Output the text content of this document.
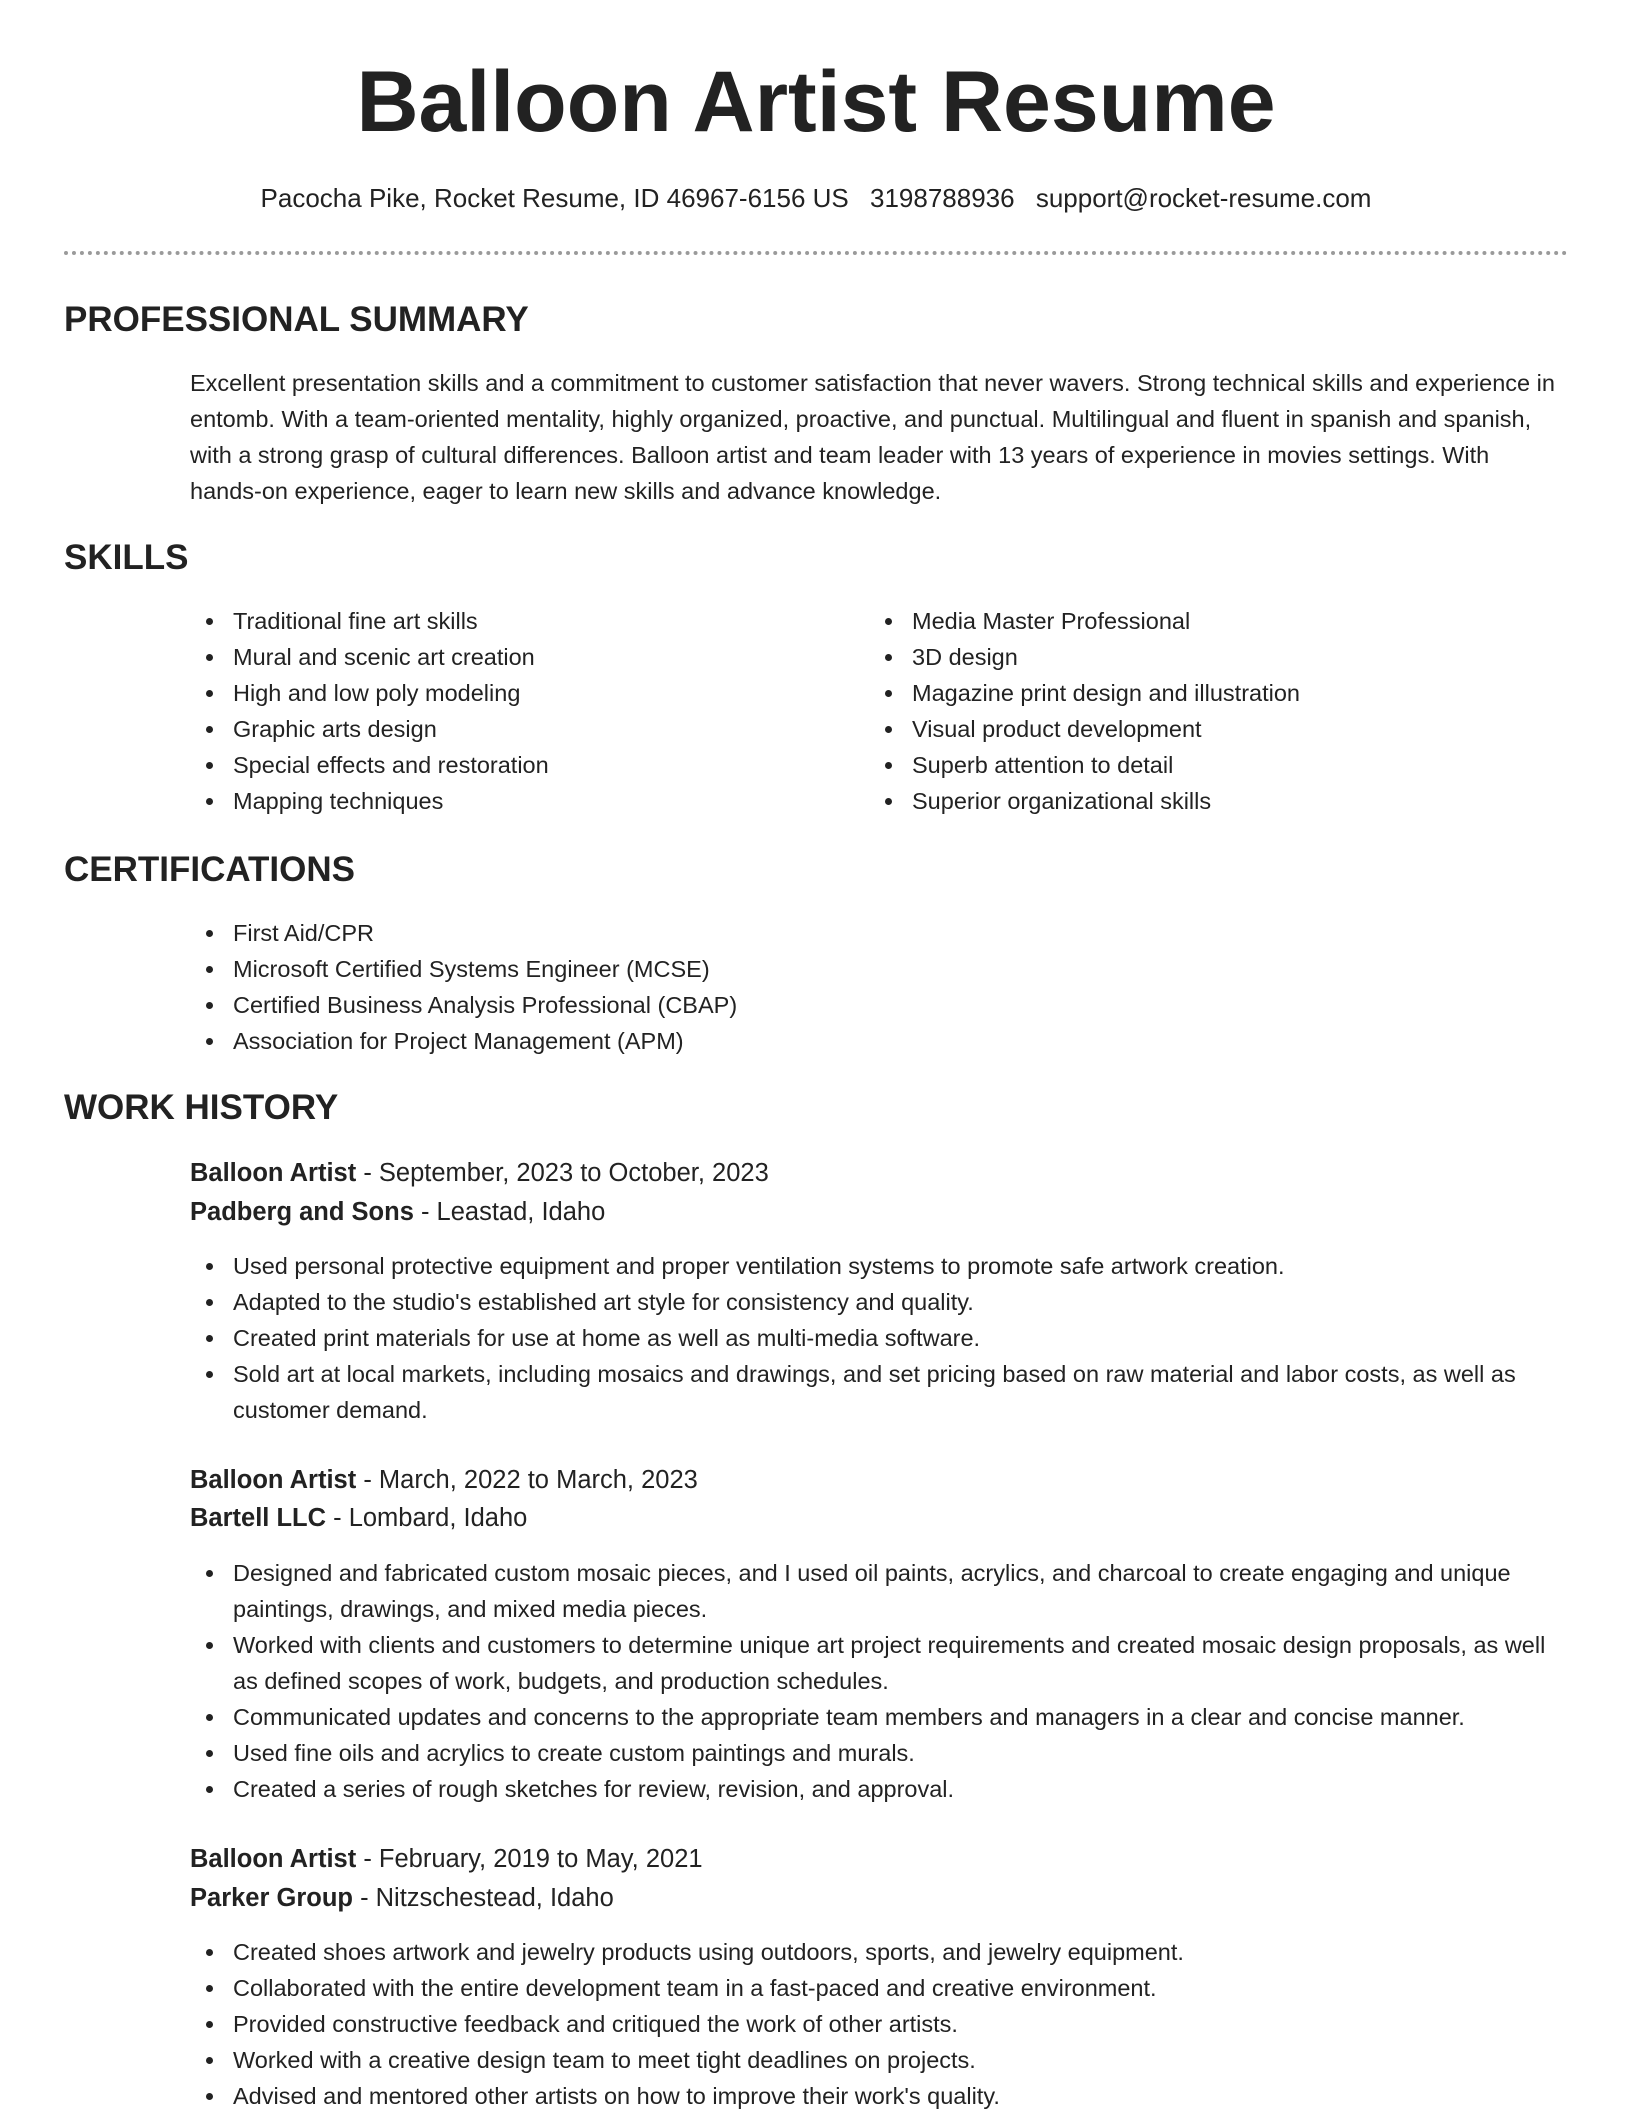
Balloon Artist Resume
Pacocha Pike, Rocket Resume, ID 46967-6156 US 3198788936 support@rocket-resume.com
PROFESSIONAL SUMMARY

Excellent presentation skills and a commitment to customer satisfaction that never wavers. Strong technical skills and experience in entomb. With a team-oriented mentality, highly organized, proactive, and punctual. Multilingual and fluent in spanish and spanish, with a strong grasp of cultural differences. Balloon artist and team leader with 13 years of experience in movies settings. With hands-on experience, eager to learn new skills and advance knowledge.

SKILLS
Traditional fine art skills
Mural and scenic art creation
High and low poly modeling
Graphic arts design
Special effects and restoration
Mapping techniques
Media Master Professional
3D design
Magazine print design and illustration
Visual product development
Superb attention to detail
Superior organizational skills
CERTIFICATIONS
First Aid/CPR
Microsoft Certified Systems Engineer (MCSE)
Certified Business Analysis Professional (CBAP)
Association for Project Management (APM)
WORK HISTORY
Balloon Artist - September, 2023 to October, 2023
Padberg and Sons - Leastad, Idaho
Used personal protective equipment and proper ventilation systems to promote safe artwork creation.
Adapted to the studio's established art style for consistency and quality.
Created print materials for use at home as well as multi-media software.
Sold art at local markets, including mosaics and drawings, and set pricing based on raw material and labor costs, as well as customer demand.
Balloon Artist - March, 2022 to March, 2023
Bartell LLC - Lombard, Idaho
Designed and fabricated custom mosaic pieces, and I used oil paints, acrylics, and charcoal to create engaging and unique paintings, drawings, and mixed media pieces.
Worked with clients and customers to determine unique art project requirements and created mosaic design proposals, as well as defined scopes of work, budgets, and production schedules.
Communicated updates and concerns to the appropriate team members and managers in a clear and concise manner.
Used fine oils and acrylics to create custom paintings and murals.
Created a series of rough sketches for review, revision, and approval.
Balloon Artist - February, 2019 to May, 2021
Parker Group - Nitzschestead, Idaho
Created shoes artwork and jewelry products using outdoors, sports, and jewelry equipment.
Collaborated with the entire development team in a fast-paced and creative environment.
Provided constructive feedback and critiqued the work of other artists.
Worked with a creative design team to meet tight deadlines on projects.
Advised and mentored other artists on how to improve their work's quality.
